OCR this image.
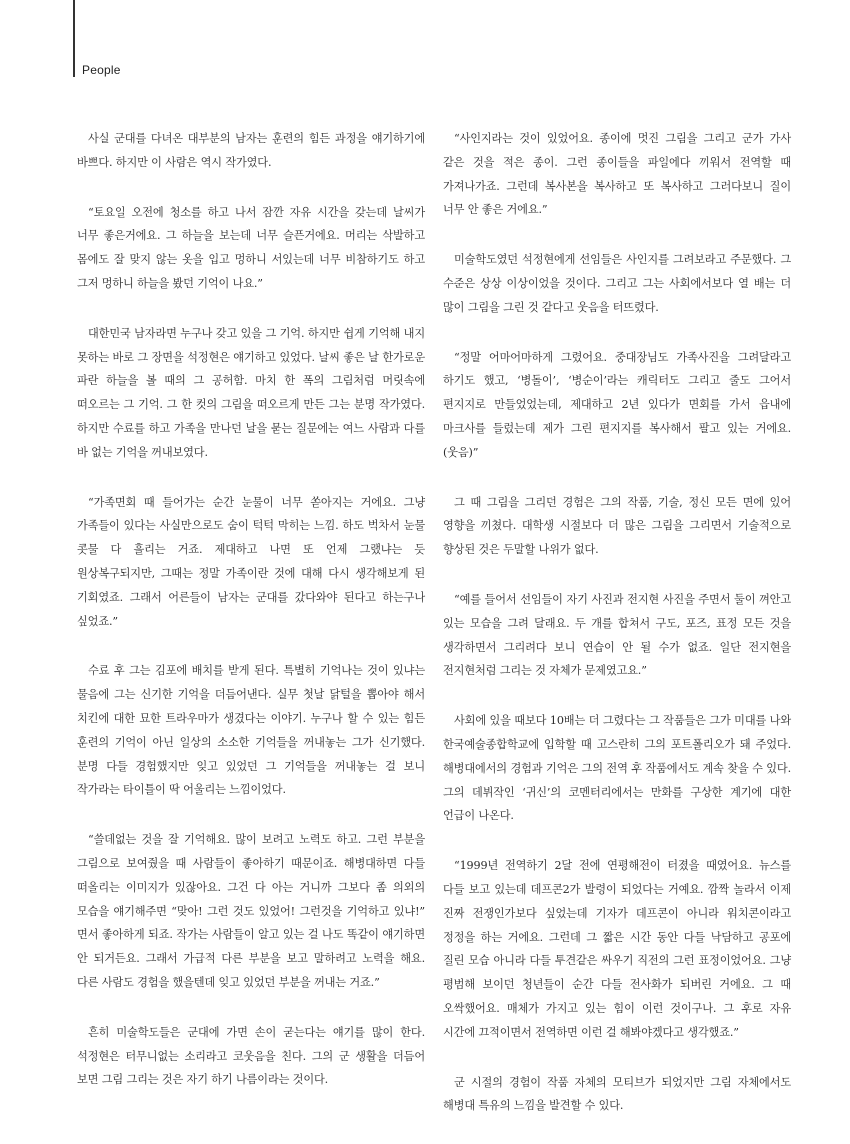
People

사실 군대를 다녀온 대부분의 남자는 훈련의 힘든 과정을 얘기하기에 바쁘다. 하지만 이 사람은 역시 작가였다.

“토요일 오전에 청소를 하고 나서 잠깐 자유 시간을 갖는데 날씨가 너무 좋은거에요. 그 하늘을 보는데 너무 슬픈거에요. 머리는 삭발하고 몸에도 잘 맞지 않는 옷을 입고 멍하니 서있는데 너무 비참하기도 하고 그저 멍하니 하늘을 봤던 기억이 나요.”

대한민국 남자라면 누구나 갖고 있을 그 기억. 하지만 쉽게 기억해 내지 못하는 바로 그 장면을 석정현은 얘기하고 있었다. 날씨 좋은 날 한가로운 파란 하늘을 볼 때의 그 공허함. 마치 한 폭의 그림처럼 머릿속에 떠오르는 그 기억. 그 한 컷의 그림을 떠오르게 만든 그는 분명 작가였다. 하지만 수료를 하고 가족을 만나던 날을 묻는 질문에는 여느 사람과 다를 바 없는 기억을 꺼내보였다.

“가족면회 때 들어가는 순간 눈물이 너무 쏟아지는 거에요. 그냥 가족들이 있다는 사실만으로도 숨이 턱턱 막히는 느낌. 하도 벅차서 눈물 콧물 다 흘리는 거죠. 제대하고 나면 또 언제 그랬냐는 듯 원상복구되지만, 그때는 정말 가족이란 것에 대해 다시 생각해보게 된 기회였죠. 그래서 어른들이 남자는 군대를 갔다와야 된다고 하는구나 싶었죠.”

수료 후 그는 김포에 배치를 받게 된다. 특별히 기억나는 것이 있냐는 물음에 그는 신기한 기억을 더듬어낸다. 실무 첫날 닭털을 뽑아야 해서 치킨에 대한 묘한 트라우마가 생겼다는 이야기. 누구나 할 수 있는 힘든 훈련의 기억이 아닌 일상의 소소한 기억들을 꺼내놓는 그가 신기했다. 분명 다들 경험했지만 잊고 있었던 그 기억들을 꺼내놓는 걸 보니 작가라는 타이틀이 딱 어울리는 느낌이었다.

“쓸데없는 것을 잘 기억해요. 많이 보려고 노력도 하고. 그런 부분을 그림으로 보여줬을 때 사람들이 좋아하기 때문이죠. 해병대하면 다들 떠올리는 이미지가 있잖아요. 그건 다 아는 거니까 그보다 좀 의외의 모습을 얘기해주면 “맞아! 그런 것도 있었어! 그런것을 기억하고 있냐!” 면서 좋아하게 되죠. 작가는 사람들이 알고 있는 걸 나도 똑같이 얘기하면 안 되거든요. 그래서 가급적 다른 부분을 보고 말하려고 노력을 해요. 다른 사람도 경험을 했을텐데 잊고 있었던 부분을 꺼내는 거죠.”

흔히 미술학도들은 군대에 가면 손이 굳는다는 얘기를 많이 한다. 석정현은 터무니없는 소리라고 코웃음을 친다. 그의 군 생활을 더듬어 보면 그림 그리는 것은 자기 하기 나름이라는 것이다.

“사인지라는 것이 있었어요. 종이에 멋진 그림을 그리고 군가 가사 같은 것을 적은 종이. 그런 종이들을 파일에다 끼워서 전역할 때 가져나가죠. 그런데 복사본을 복사하고 또 복사하고 그러다보니 질이 너무 안 좋은 거에요.”

미술학도였던 석정현에게 선임들은 사인지를 그려보라고 주문했다. 그 수준은 상상 이상이었을 것이다. 그리고 그는 사회에서보다 열 배는 더 많이 그림을 그린 것 같다고 웃음을 터뜨렸다.

“정말 어마어마하게 그렸어요. 중대장님도 가족사진을 그려달라고 하기도 했고, ‘병돌이’, ‘병순이’라는 캐릭터도 그리고 줄도 그어서 편지지로 만들었었는데, 제대하고 2년 있다가 면회를 가서 읍내에 마크사를 들렀는데 제가 그린 편지지를 복사해서 팔고 있는 거에요.(웃음)”

그 때 그림을 그리던 경험은 그의 작품, 기술, 정신 모든 면에 있어 영향을 끼쳤다. 대학생 시절보다 더 많은 그림을 그리면서 기술적으로 향상된 것은 두말할 나위가 없다.

“예를 들어서 선임들이 자기 사진과 전지현 사진을 주면서 둘이 껴안고 있는 모습을 그려 달래요. 두 개를 합쳐서 구도, 포즈, 표정 모든 것을 생각하면서 그리려다 보니 연습이 안 될 수가 없죠. 일단 전지현을 전지현처럼 그리는 것 자체가 문제였고요.”

사회에 있을 때보다 10배는 더 그렸다는 그 작품들은 그가 미대를 나와 한국예술종합학교에 입학할 때 고스란히 그의 포트폴리오가 돼 주었다. 해병대에서의 경험과 기억은 그의 전역 후 작품에서도 계속 찾을 수 있다. 그의 데뷔작인 ‘귀신’의 코멘터리에서는 만화를 구상한 계기에 대한 언급이 나온다.

“1999년 전역하기 2달 전에 연평해전이 터졌을 때였어요. 뉴스를 다들 보고 있는데 데프콘2가 발령이 되었다는 거예요. 깜짝 놀라서 이제 진짜 전쟁인가보다 싶었는데 기자가 데프콘이 아니라 워치콘이라고 정정을 하는 거에요. 그런데 그 짧은 시간 동안 다들 낙담하고 공포에 질린 모습 아니라 다들 투견같은 싸우기 직전의 그런 표정이었어요. 그냥 평범해 보이던 청년들이 순간 다들 전사화가 되버린 거에요. 그 때 오싹했어요. 매체가 가지고 있는 힘이 이런 것이구나. 그 후로 자유 시간에 끄적이면서 전역하면 이런 걸 해봐야겠다고 생각했죠.”

군 시절의 경험이 작품 자체의 모티브가 되었지만 그림 자체에서도 해병대 특유의 느낌을 발견할 수 있다.
